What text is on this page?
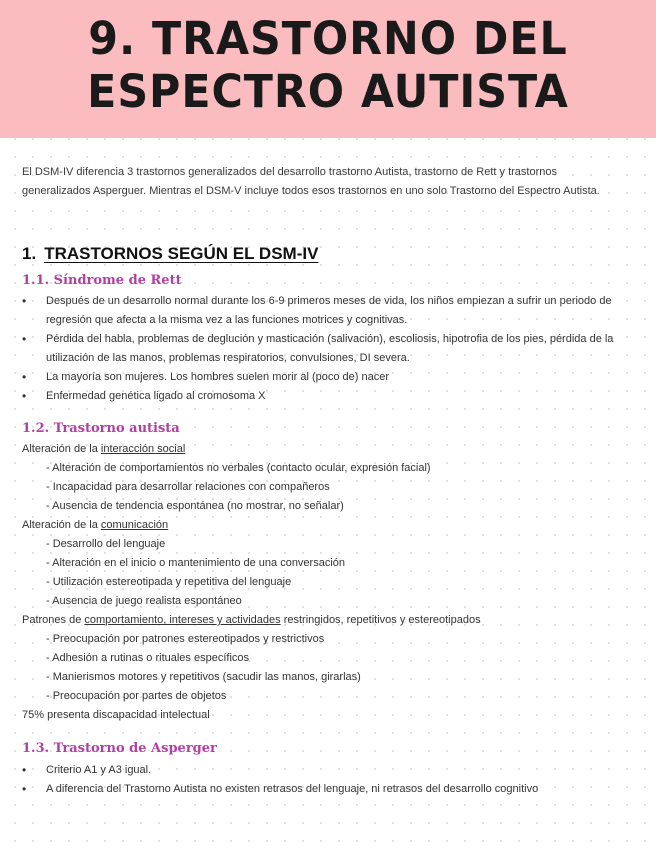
9. TRASTORNO DEL
ESPECTRO AUTISTA

El DSM-IV diferencia 3 trastornos generalizados del desarrollo trastorno Autista, trastorno de Rett y trastornos generalizados Asperguer. Mientras el DSM-V incluye todos esos trastornos en uno solo Trastorno del Espectro Autista.

1. TRASTORNOS SEGÚN EL DSM-IV
1.1. Síndrome de Rett
•	Después de un desarrollo normal durante los 6-9 primeros meses de vida, los niños empiezan a sufrir un periodo de regresión que afecta a la misma vez a las funciones motrices y cognitivas.
•	Pérdida del habla, problemas de deglución y masticación (salivación), escoliosis, hipotrofia de los pies, pérdida de la utilización de las manos, problemas respiratorios, convulsiones, DI severa.
•	La mayoría son mujeres. Los hombres suelen morir al (poco de) nacer
•	Enfermedad genética ligado al cromosoma X
1.2. Trastorno autista
Alteración de la interacción social
- Alteración de comportamientos no verbales (contacto ocular, expresión facial)
- Incapacidad para desarrollar relaciones con compañeros
- Ausencia de tendencia espontánea (no mostrar, no señalar)
Alteración de la comunicación
- Desarrollo del lenguaje
- Alteración en el inicio o mantenimiento de una conversación
- Utilización estereotipada y repetitiva del lenguaje
- Ausencia de juego realista espontáneo
Patrones de comportamiento, intereses y actividades restringidos, repetitivos y estereotipados
- Preocupación por patrones estereotipados y restrictivos
- Adhesión a rutinas o rituales específicos
- Manierismos motores y repetitivos (sacudir las manos, girarlas)
- Preocupación por partes de objetos
75% presenta discapacidad intelectual
1.3. Trastorno de Asperger
•	Criterio A1 y A3 igual.
•	A diferencia del Trastorno Autista no existen retrasos del lenguaje, ni retrasos del desarrollo cognitivo
